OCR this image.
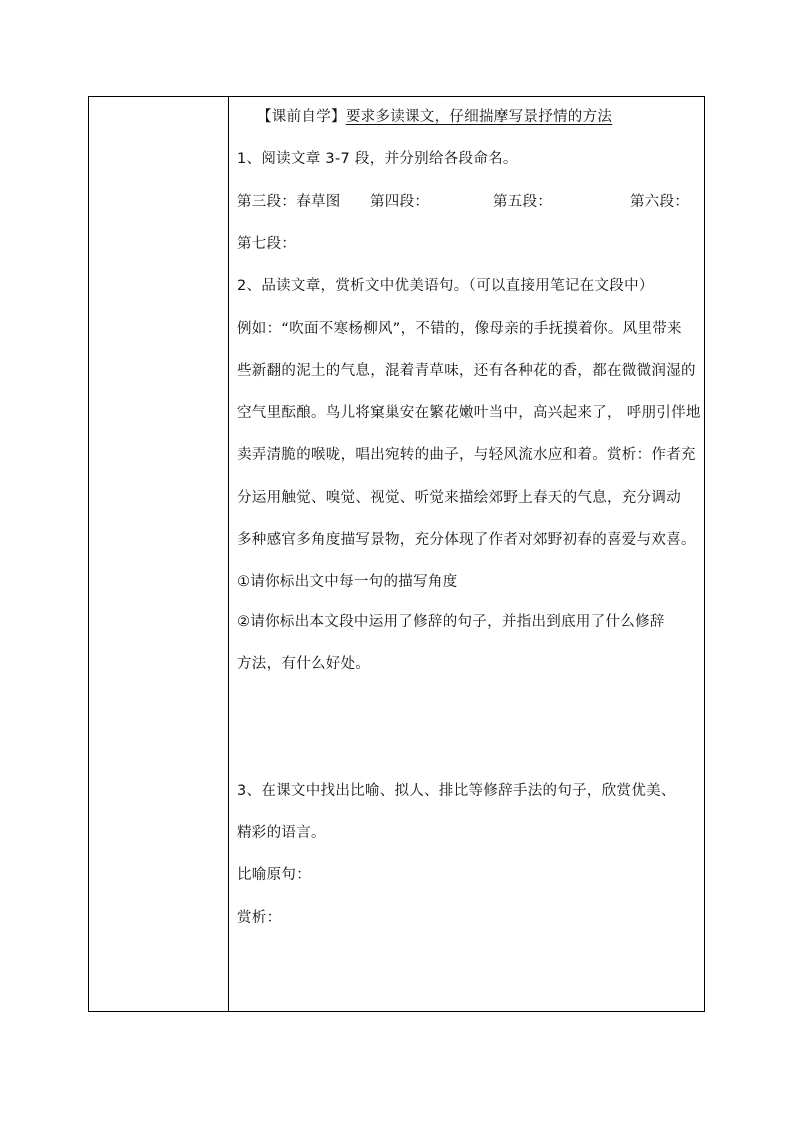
【课前自学】要求多读课文，仔细揣摩写景抒情的方法
1、阅读文章 3-7 段，并分别给各段命名。
第三段：春草图 第四段：	第五段：	第六段：
第七段：
2、品读文章，赏析文中优美语句。（可以直接用笔记在文段中）
例如：“吹面不寒杨柳风”，不错的，像母亲的手抚摸着你。风里带来
些新翻的泥土的气息，混着青草味，还有各种花的香，都在微微润湿的
空气里酝酿。鸟儿将窠巢安在繁花嫩叶当中，高兴起来了， 呼朋引伴地
卖弄清脆的喉咙，唱出宛转的曲子，与轻风流水应和着。赏析：作者充
分运用触觉、嗅觉、视觉、听觉来描绘郊野上春天的气息，充分调动
多种感官多角度描写景物，充分体现了作者对郊野初春的喜爱与欢喜。
①请你标出文中每一句的描写角度
②请你标出本文段中运用了修辞的句子，并指出到底用了什么修辞
方法，有什么好处。
3、在课文中找出比喻、拟人、排比等修辞手法的句子，欣赏优美、
精彩的语言。
比喻原句：
赏析：
